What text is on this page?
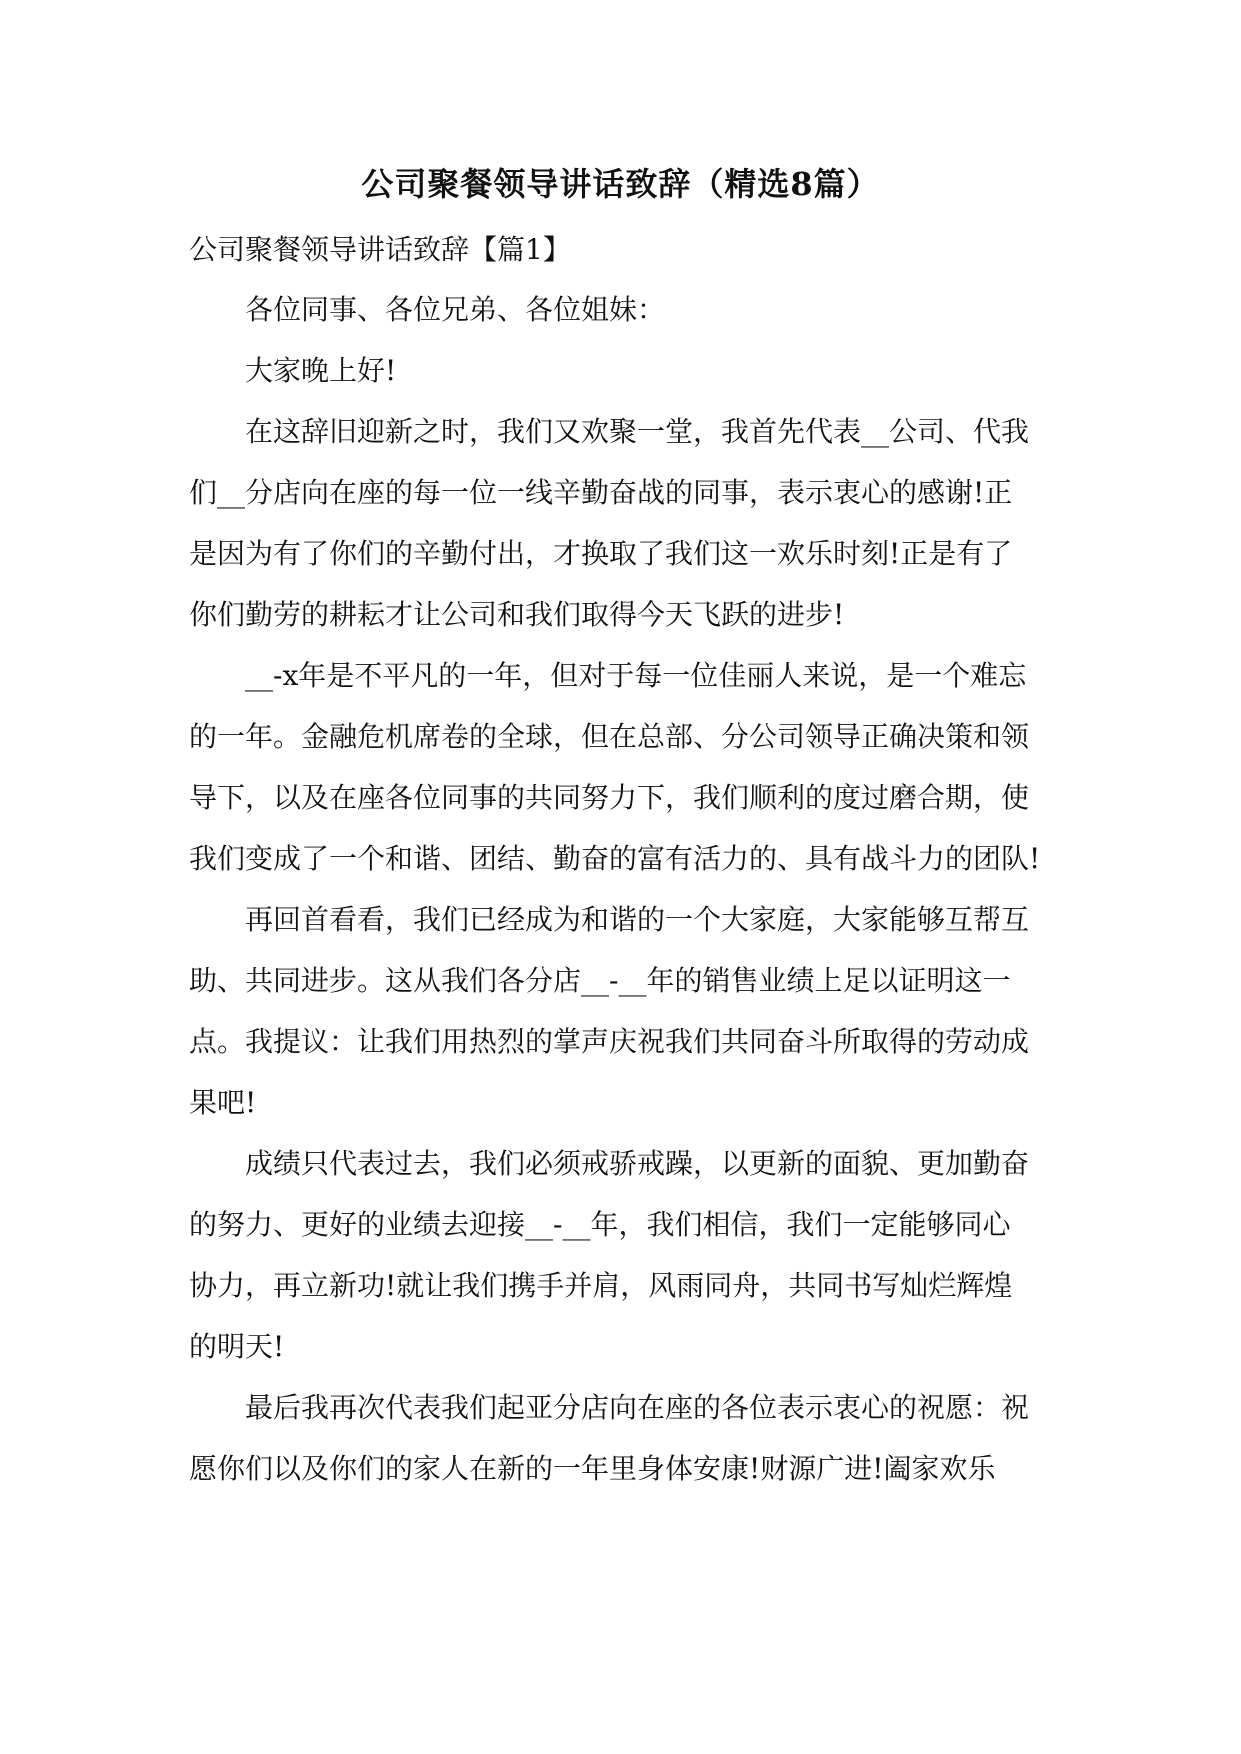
公司聚餐领导讲话致辞（精选8篇）
公司聚餐领导讲话致辞【篇1】
　　各位同事、各位兄弟、各位姐妹：
　　大家晚上好!
　　在这辞旧迎新之时，我们又欢聚一堂，我首先代表__公司、代我
们__分店向在座的每一位一线辛勤奋战的同事，表示衷心的感谢!正
是因为有了你们的辛勤付出，才换取了我们这一欢乐时刻!正是有了
你们勤劳的耕耘才让公司和我们取得今天飞跃的进步!
　　__-x年是不平凡的一年，但对于每一位佳丽人来说，是一个难忘
的一年。金融危机席卷的全球，但在总部、分公司领导正确决策和领
导下，以及在座各位同事的共同努力下，我们顺利的度过磨合期，使
我们变成了一个和谐、团结、勤奋的富有活力的、具有战斗力的团队!
　　再回首看看，我们已经成为和谐的一个大家庭，大家能够互帮互
助、共同进步。这从我们各分店__-__年的销售业绩上足以证明这一
点。我提议：让我们用热烈的掌声庆祝我们共同奋斗所取得的劳动成
果吧!
　　成绩只代表过去，我们必须戒骄戒躁，以更新的面貌、更加勤奋
的努力、更好的业绩去迎接__-__年，我们相信，我们一定能够同心
协力，再立新功!就让我们携手并肩，风雨同舟，共同书写灿烂辉煌
的明天!
　　最后我再次代表我们起亚分店向在座的各位表示衷心的祝愿：祝
愿你们以及你们的家人在新的一年里身体安康!财源广进!阖家欢乐
